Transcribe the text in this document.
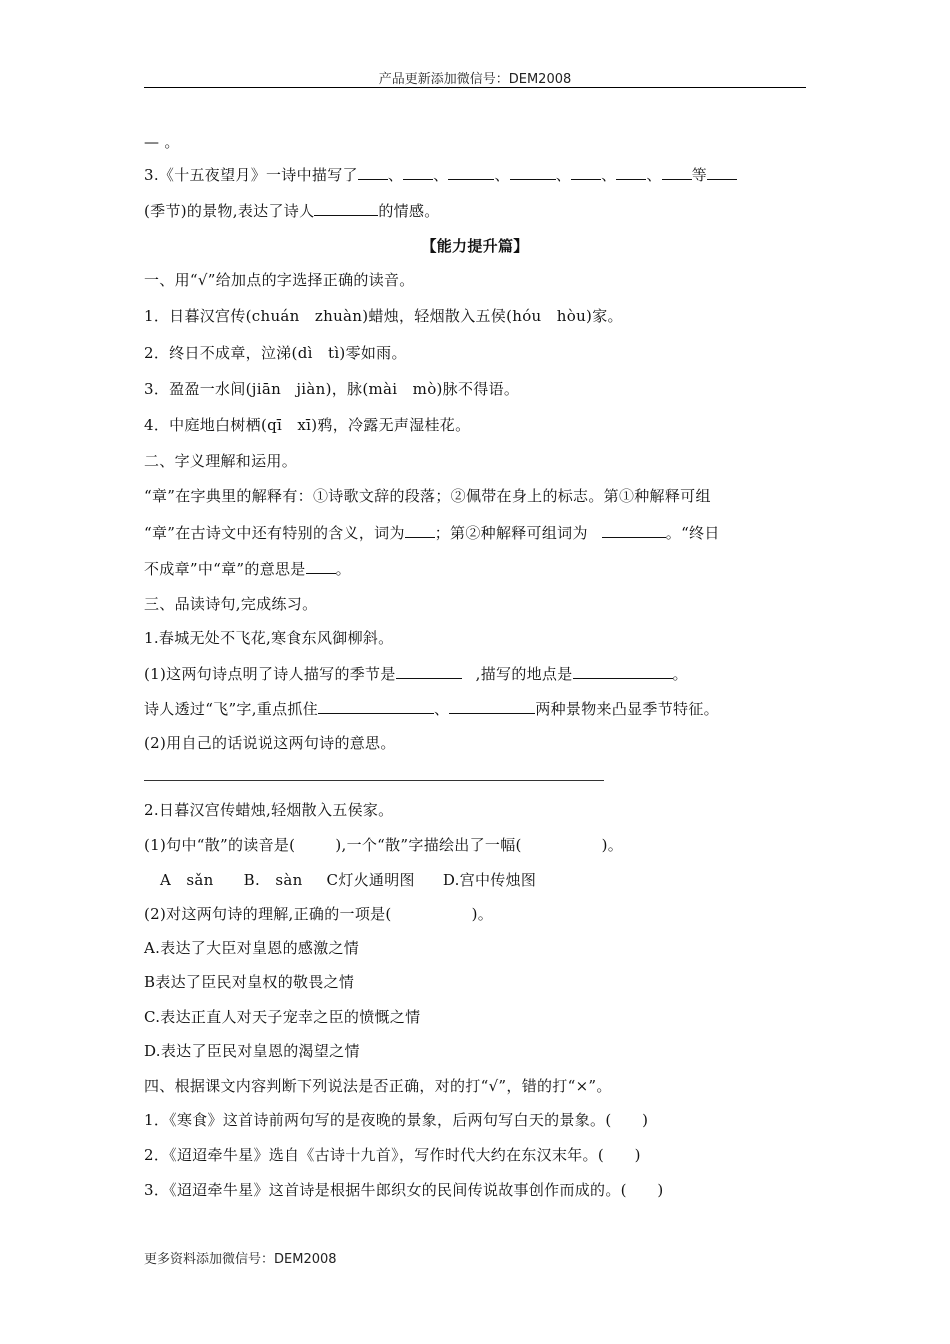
产品更新添加微信号：DEM2008
— 。
3.《十五夜望月》一诗中描写了 、 、	、	、 、 、 等
(季节)的景物,表达了诗人	的情感。
【能力提升篇】
一、用“√”给加点的字选择正确的读音。
1．日暮汉宫传(chuán　zhuàn)蜡烛，轻烟散入五侯(hóu　hòu)家。
2．终日不成章，泣涕(dì　tì)零如雨。
3．盈盈一水间(jiān　jiàn)，脉(mài　mò)脉不得语。
4．中庭地白树栖(qī　xī)鸦，冷露无声湿桂花。
二、字义理解和运用。
“章”在字典里的解释有：①诗歌文辞的段落；②佩带在身上的标志。第①种解释可组
“章”在古诗文中还有特别的含义，词为 ；第②种解释可组词为	。“终日
不成章”中“章”的意思是 。
三、品读诗句,完成练习。
1.春城无处不飞花,寒食东风御柳斜。
(1)这两句诗点明了诗人描写的季节是	,描写的地点是	。
诗人透过“飞”字,重点抓住	、	两种景物来凸显季节特征。
(2)用自己的话说说这两句诗的意思。
2.日暮汉宫传蜡烛,轻烟散入五侯家。
(1)句中“散”的读音是(	),一个“散”字描绘出了一幅(	)。
A　sǎn B.　sàn C灯火通明图 D.宫中传烛图
(2)对这两句诗的理解,正确的一项是(	)。
A.表达了大臣对皇恩的感激之情
B表达了臣民对皇权的敬畏之情
C.表达正直人对天子宠幸之臣的愤慨之情
D.表达了臣民对皇恩的渴望之情
四、根据课文内容判断下列说法是否正确，对的打“√”，错的打“×”。
1．《寒食》这首诗前两句写的是夜晚的景象，后两句写白天的景象。(　　)
2．《迢迢牵牛星》选自《古诗十九首》，写作时代大约在东汉末年。(　　)
3．《迢迢牵牛星》这首诗是根据牛郎织女的民间传说故事创作而成的。(　　)
更多资料添加微信号：DEM2008
